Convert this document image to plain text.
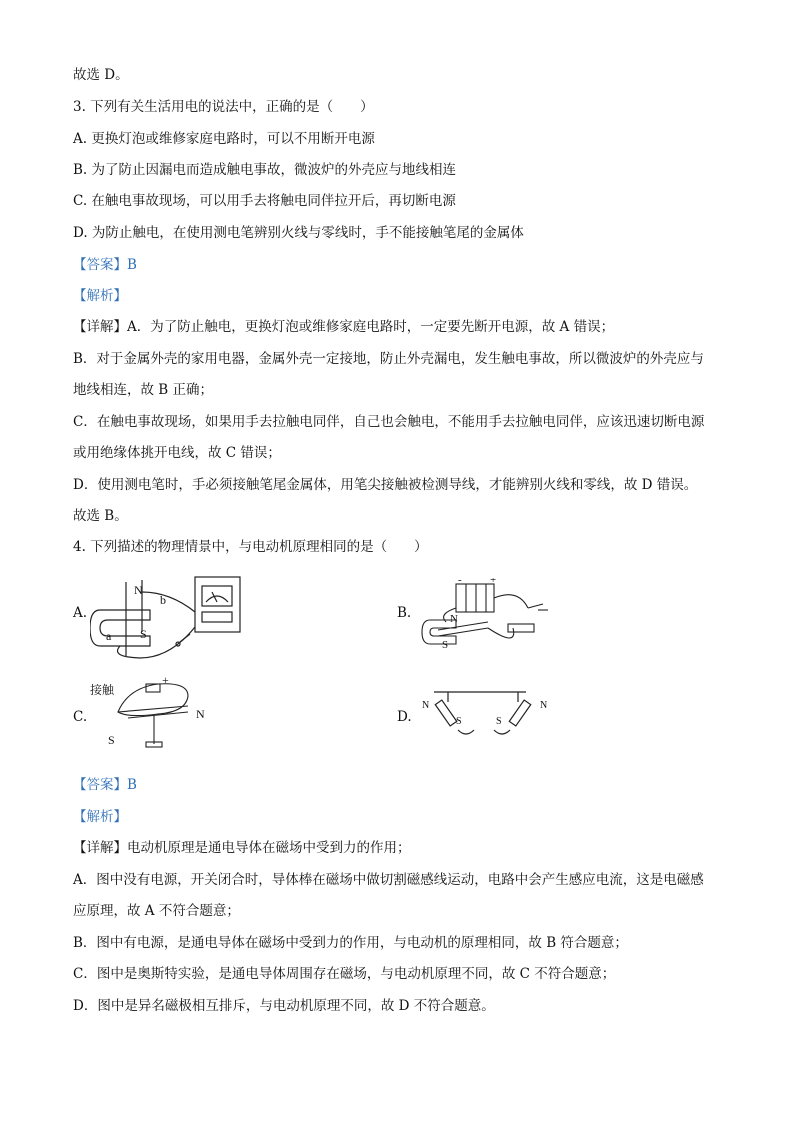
故选 D。
3. 下列有关生活用电的说法中，正确的是（　　）
A. 更换灯泡或维修家庭电路时，可以不用断开电源
B. 为了防止因漏电而造成触电事故，微波炉的外壳应与地线相连
C. 在触电事故现场，可以用手去将触电同伴拉开后，再切断电源
D. 为防止触电，在使用测电笔辨别火线与零线时，手不能接触笔尾的金属体
【答案】B
【解析】
【详解】A．为了防止触电，更换灯泡或维修家庭电路时，一定要先断开电源，故 A 错误；
B．对于金属外壳的家用电器，金属外壳一定接地，防止外壳漏电，发生触电事故，所以微波炉的外壳应与
地线相连，故 B 正确；
C．在触电事故现场，如果用手去拉触电同伴，自己也会触电，不能用手去拉触电同伴，应该迅速切断电源
或用绝缘体挑开电线，故 C 错误；
D．使用测电笔时，手必须接触笔尾金属体，用笔尖接触被检测导线，才能辨别火线和零线，故 D 错误。
故选 B。
4. 下列描述的物理情景中，与电动机原理相同的是（　　）
A.
N
b
a S
B.	N
S
-	+
C.
接触
N
S
+
D.
N
S	S
N
【答案】B
【解析】
【详解】电动机原理是通电导体在磁场中受到力的作用；
A．图中没有电源，开关闭合时，导体棒在磁场中做切割磁感线运动，电路中会产生感应电流，这是电磁感
应原理，故 A 不符合题意；
B．图中有电源，是通电导体在磁场中受到力的作用，与电动机的原理相同，故 B 符合题意；
C．图中是奥斯特实验，是通电导体周围存在磁场，与电动机原理不同，故 C 不符合题意；
D．图中是异名磁极相互排斥，与电动机原理不同，故 D 不符合题意。
